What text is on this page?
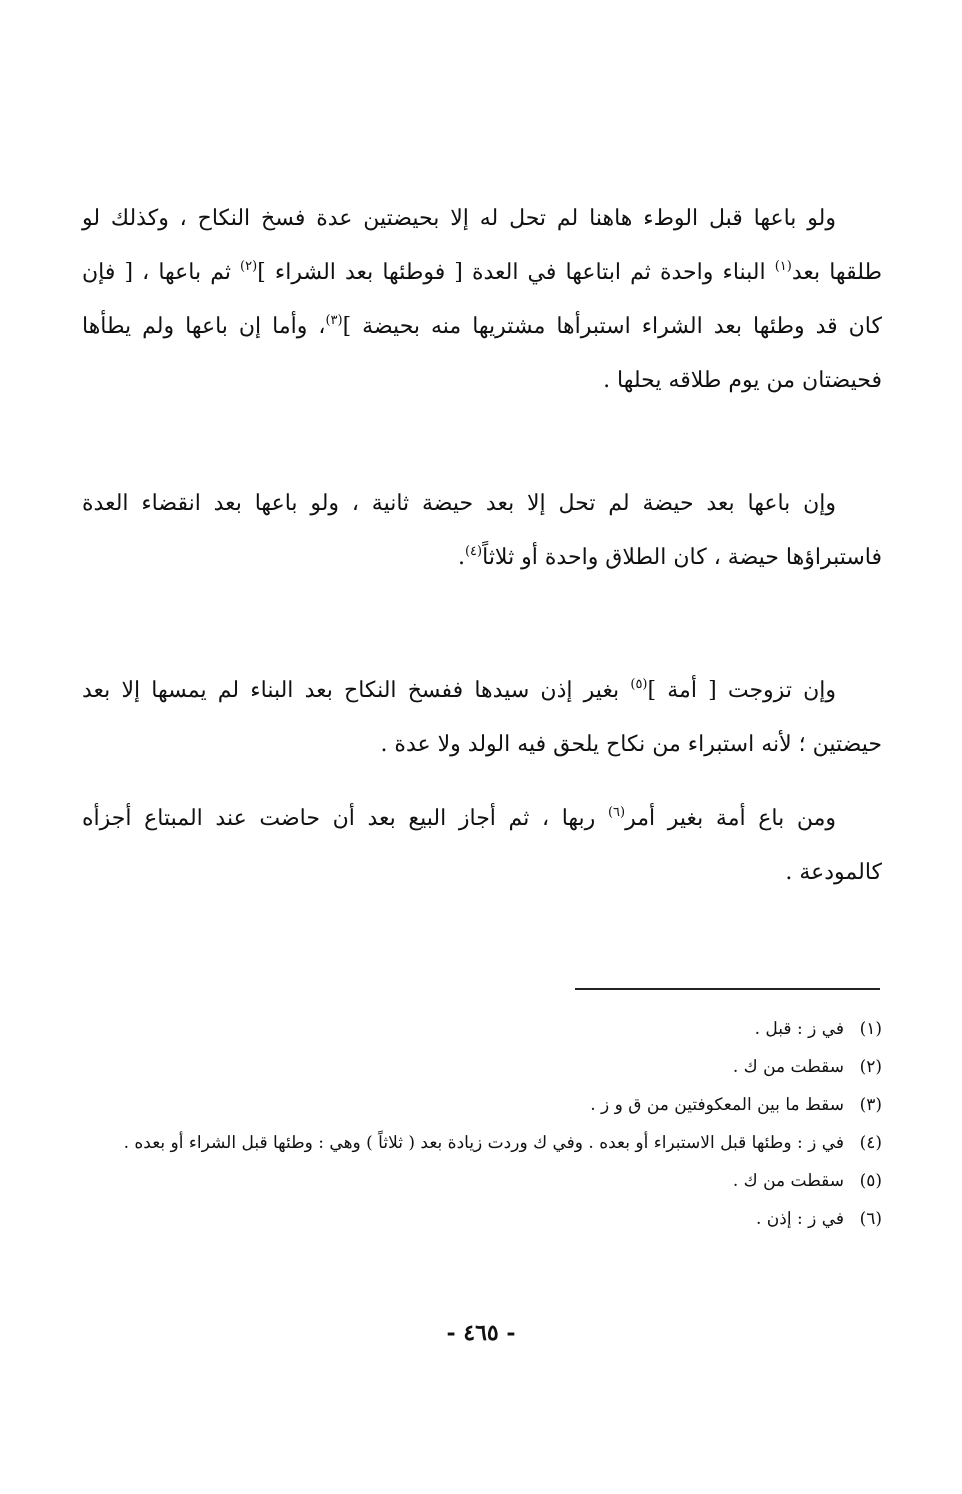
ولو باعها قبل الوطء هاهنا لم تحل له إلا بحيضتين عدة فسخ النكاح ، وكذلك لو طلقها بعد$^{(١)}$ البناء واحدة ثم ابتاعها في العدة [ فوطئها بعد الشراء ]$^{(٢)}$ ثم باعها ، [ فإن كان قد وطئها بعد الشراء استبرأها مشتريها منه بحيضة ]$^{(٣)}$، وأما إن باعها ولم يطأها فحيضتان من يوم طلاقه يحلها .

وإن باعها بعد حيضة لم تحل إلا بعد حيضة ثانية ، ولو باعها بعد انقضاء العدة فاستبراؤها حيضة ، كان الطلاق واحدة أو ثلاثاً$^{(٤)}$.

وإن تزوجت [ أمة ]$^{(٥)}$ بغير إذن سيدها ففسخ النكاح بعد البناء لم يمسها إلا بعد حيضتين ؛ لأنه استبراء من نكاح يلحق فيه الولد ولا عدة .

ومن باع أمة بغير أمر$^{(٦)}$ ربها ، ثم أجاز البيع بعد أن حاضت عند المبتاع أجزأه كالمودعة .

(١)
في ز : قبل .
(٢)
سقطت من ك .
(٣)
سقط ما بين المعكوفتين من ق و ز .
(٤)
في ز : وطئها قبل الاستبراء أو بعده . وفي ك وردت زيادة بعد ( ثلاثاً ) وهي : وطئها قبل الشراء أو بعده .
(٥)
سقطت من ك .
(٦)
في ز : إذن .
- ٤٦٥ -
